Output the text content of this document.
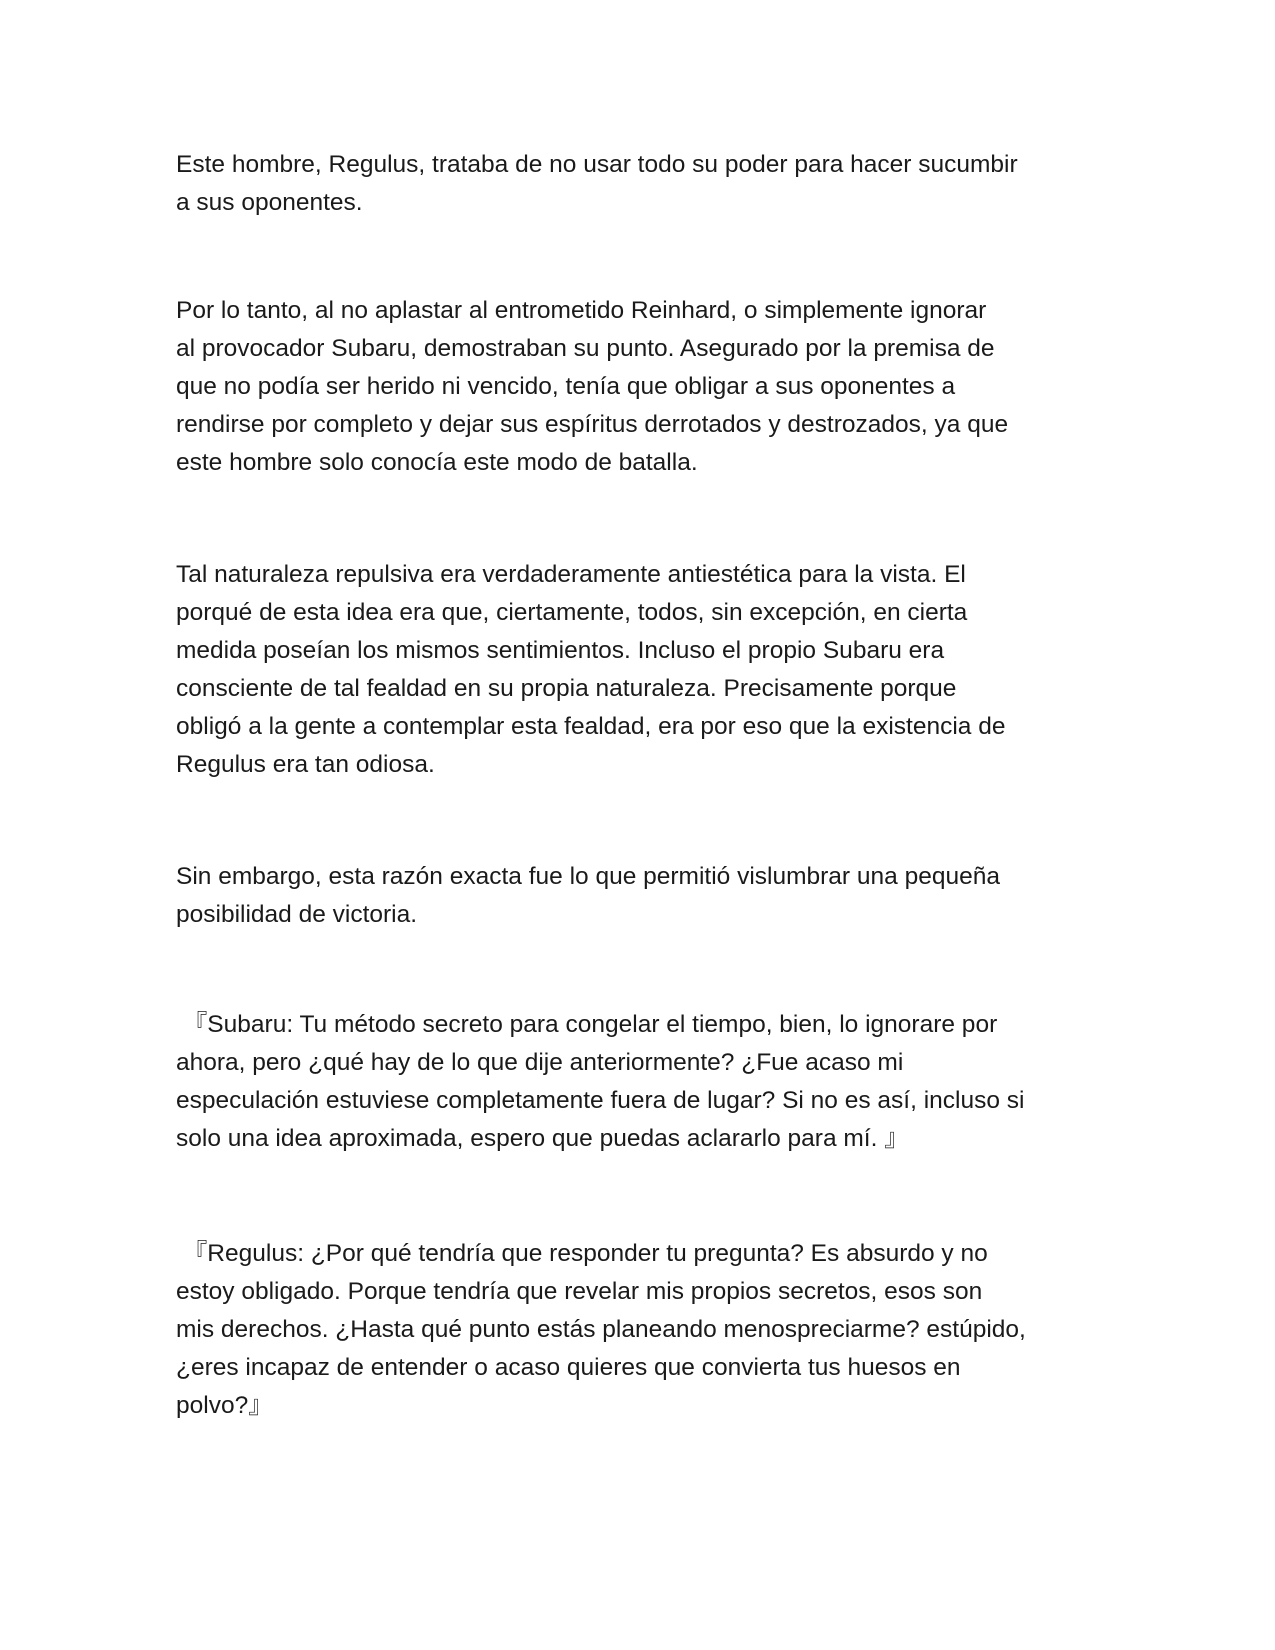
Este hombre, Regulus, trataba de no usar todo su poder para hacer sucumbir
a sus oponentes.

Por lo tanto, al no aplastar al entrometido Reinhard, o simplemente ignorar
al provocador Subaru, demostraban su punto. Asegurado por la premisa de
que no podía ser herido ni vencido, tenía que obligar a sus oponentes a
rendirse por completo y dejar sus espíritus derrotados y destrozados, ya que
este hombre solo conocía este modo de batalla.

Tal naturaleza repulsiva era verdaderamente antiestética para la vista. El
porqué de esta idea era que, ciertamente, todos, sin excepción, en cierta
medida poseían los mismos sentimientos. Incluso el propio Subaru era
consciente de tal fealdad en su propia naturaleza. Precisamente porque
obligó a la gente a contemplar esta fealdad, era por eso que la existencia de
Regulus era tan odiosa.

Sin embargo, esta razón exacta fue lo que permitió vislumbrar una pequeña
posibilidad de victoria.

『Subaru: Tu método secreto para congelar el tiempo, bien, lo ignorare por
ahora, pero ¿qué hay de lo que dije anteriormente? ¿Fue acaso mi
especulación estuviese completamente fuera de lugar? Si no es así, incluso si
solo una idea aproximada, espero que puedas aclararlo para mí. 』

『Regulus: ¿Por qué tendría que responder tu pregunta? Es absurdo y no
estoy obligado. Porque tendría que revelar mis propios secretos, esos son
mis derechos. ¿Hasta qué punto estás planeando menospreciarme? estúpido,
¿eres incapaz de entender o acaso quieres que convierta tus huesos en
polvo?』
